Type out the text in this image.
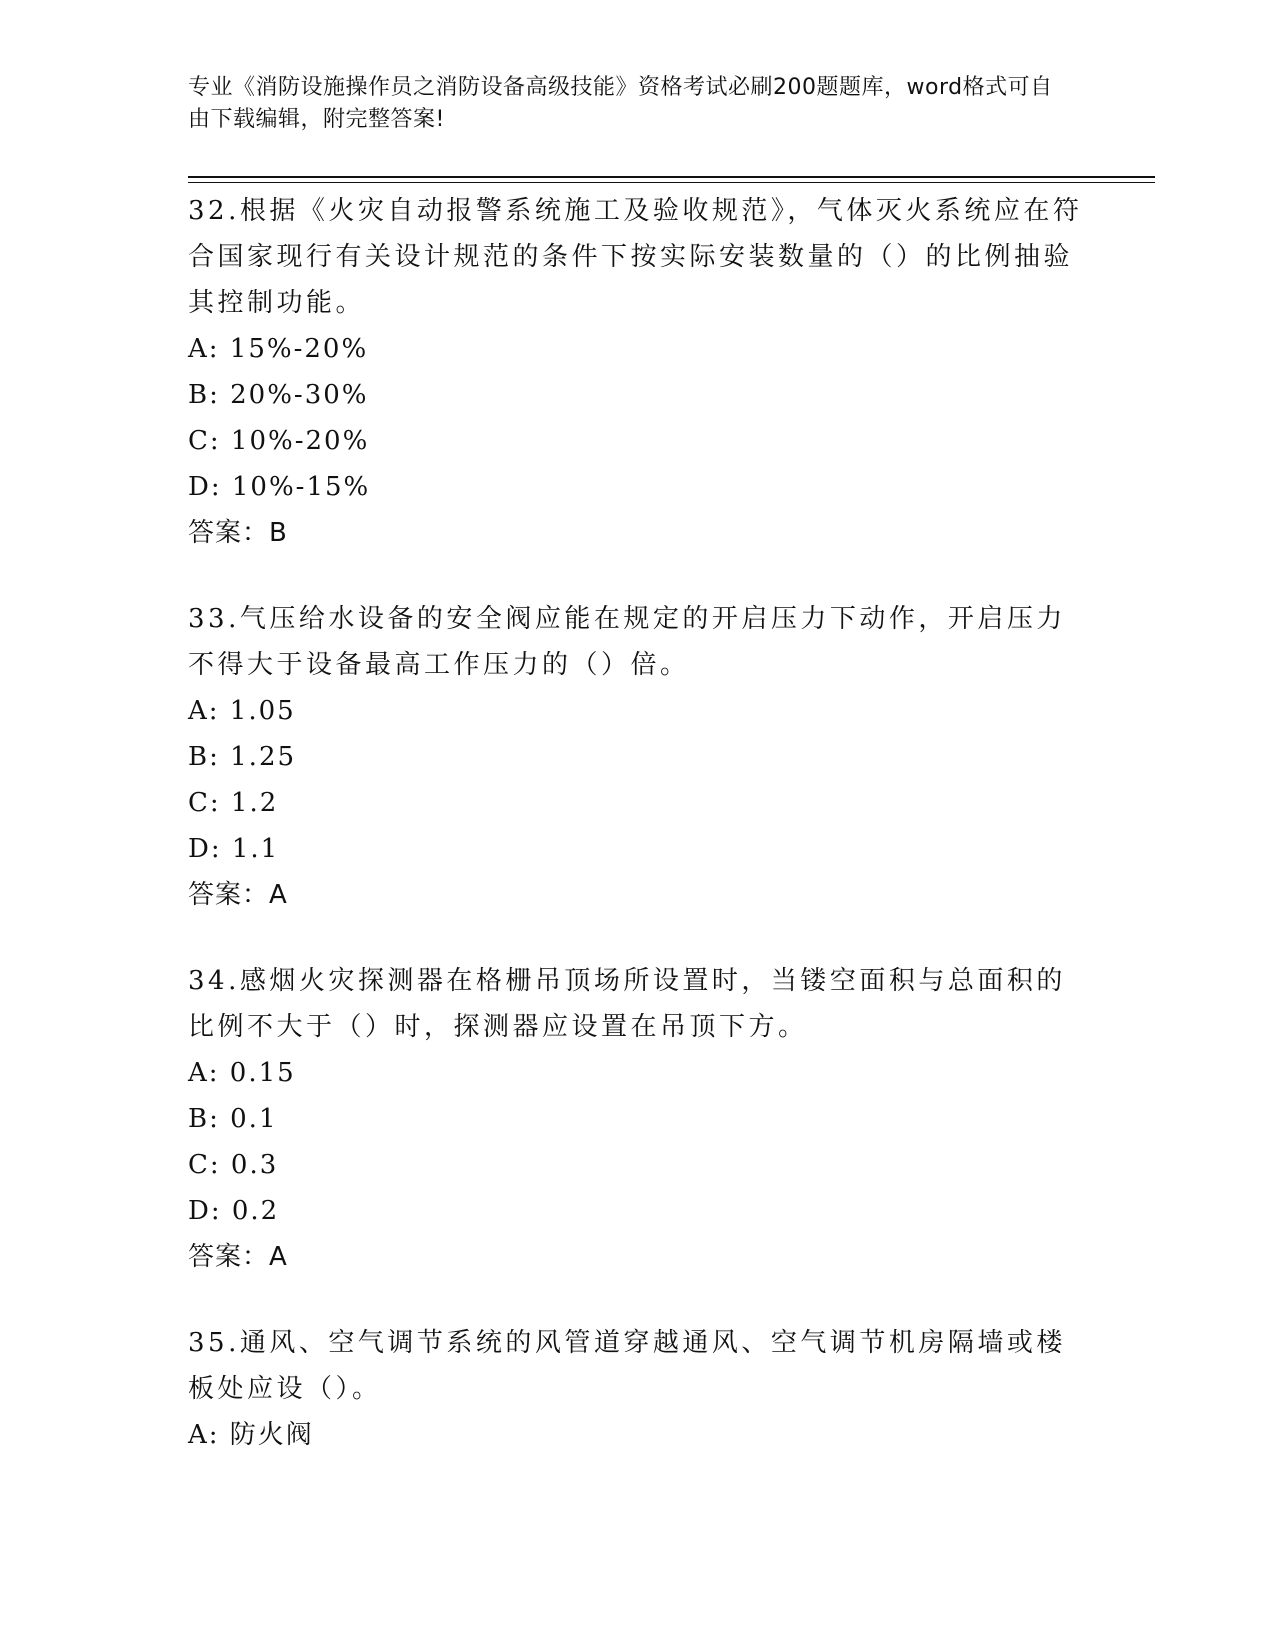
专业《消防设施操作员之消防设备高级技能》资格考试必刷200题题库，word格式可自由下载编辑，附完整答案!
32.根据《火灾自动报警系统施工及验收规范》，气体灭火系统应在符合国家现行有关设计规范的条件下按实际安装数量的（）的比例抽验其控制功能。
A: 15%-20%
B: 20%-30%
C: 10%-20%
D: 10%-15%
答案：B
33.气压给水设备的安全阀应能在规定的开启压力下动作，开启压力不得大于设备最高工作压力的（）倍。
A: 1.05
B: 1.25
C: 1.2
D: 1.1
答案：A
34.感烟火灾探测器在格栅吊顶场所设置时，当镂空面积与总面积的比例不大于（）时，探测器应设置在吊顶下方。
A: 0.15
B: 0.1
C: 0.3
D: 0.2
答案：A
35.通风、空气调节系统的风管道穿越通风、空气调节机房隔墙或楼板处应设（）。
A: 防火阀
